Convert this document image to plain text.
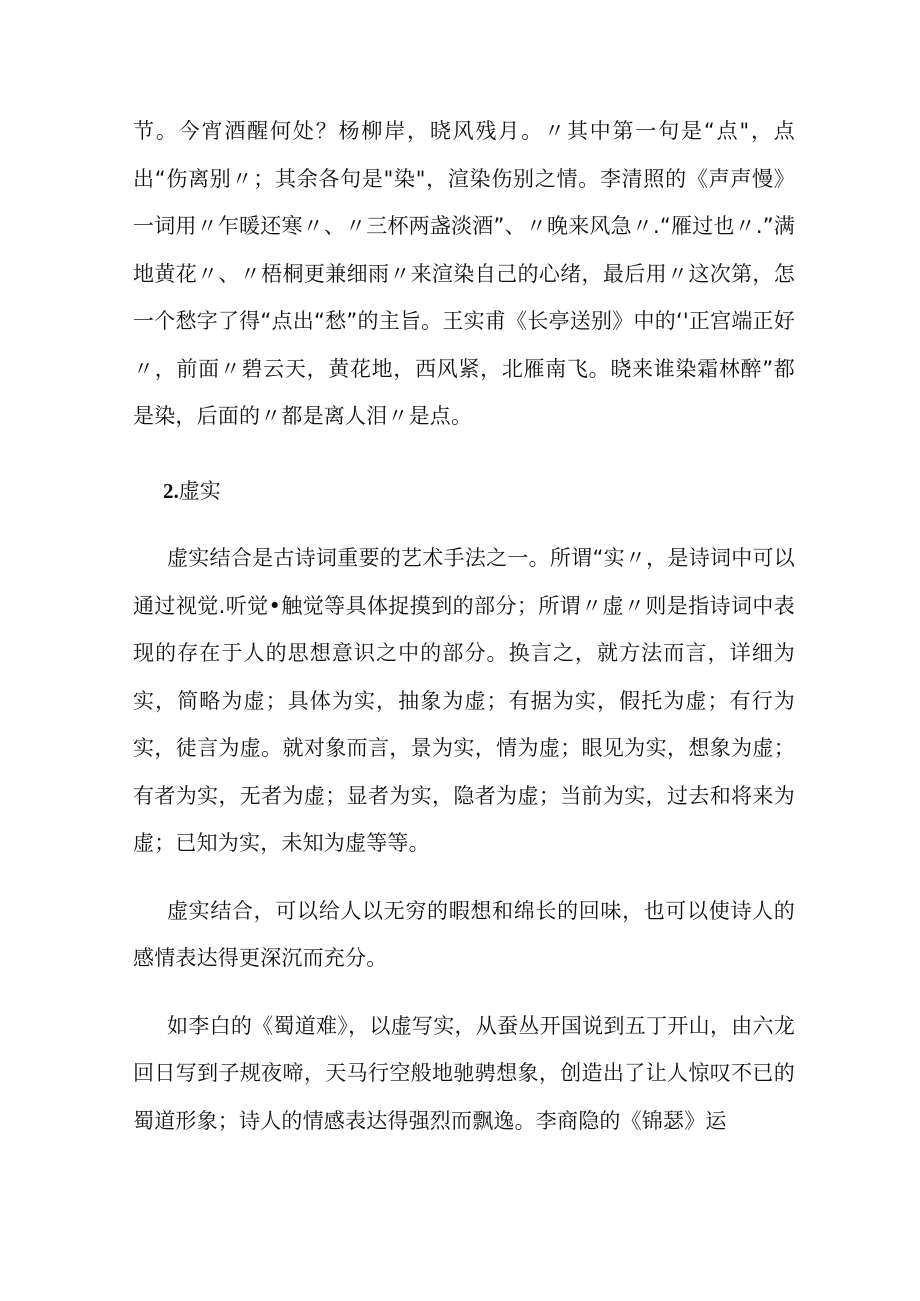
节。今宵酒醒何处？杨柳岸，晓风残月。〃其中第一句是“点"，点出“伤离别〃；其余各句是"染"，渲染伤别之情。李清照的《声声慢》一词用〃乍暖还寒〃、〃三杯两盏淡酒”、〃晚来风急〃.“雁过也〃.”满地黄花〃、〃梧桐更兼细雨〃来渲染自己的心绪，最后用〃这次第，怎一个愁字了得“点出“愁”的主旨。王实甫《长亭送别》中的‘'正宫端正好〃，前面〃碧云天，黄花地，西风紧，北雁南飞。晓来谁染霜林醉”都是染，后面的〃都是离人泪〃是点。

2.虚实

虚实结合是古诗词重要的艺术手法之一。所谓“实〃，是诗词中可以通过视觉.听觉•触觉等具体捉摸到的部分；所谓〃虚〃则是指诗词中表现的存在于人的思想意识之中的部分。换言之，就方法而言，详细为实，简略为虚；具体为实，抽象为虚；有据为实，假托为虚；有行为实，徒言为虚。就对象而言，景为实，情为虚；眼见为实，想象为虚；有者为实，无者为虚；显者为实，隐者为虚；当前为实，过去和将来为虚；已知为实，未知为虚等等。

虚实结合，可以给人以无穷的暇想和绵长的回味，也可以使诗人的感情表达得更深沉而充分。

如李白的《蜀道难》，以虚写实，从蚕丛开国说到五丁开山，由六龙回日写到子规夜啼，天马行空般地驰骋想象，创造出了让人惊叹不已的蜀道形象；诗人的情感表达得强烈而飘逸。李商隐的《锦瑟》运
